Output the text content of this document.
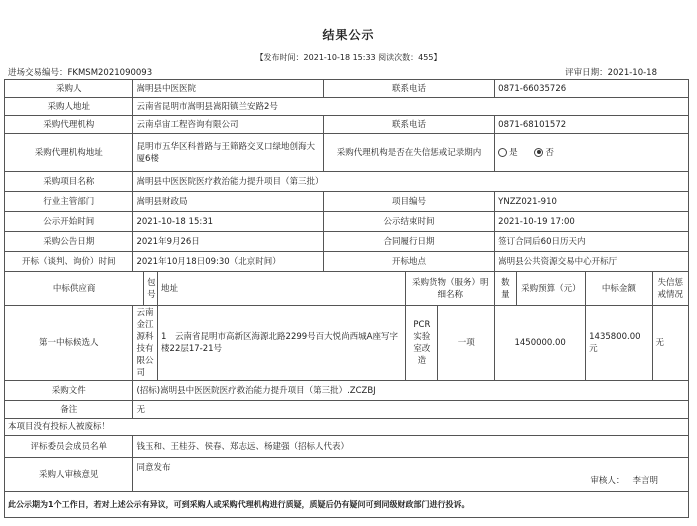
结果公示
【发布时间：2021-10-18 15:33 阅读次数：455】
进场交易编号：FKMSM2021090093	评审日期：2021-10-18
采购人	嵩明县中医医院			联系电话			0871-66035726			
采购人地址	云南省昆明市嵩明县嵩阳镇兰安路2号									
采购代理机构	云南卓宙工程咨询有限公司			联系电话			0871-68101572			
采购代理机构地址	昆明市五华区科普路与王筛路交叉口绿地创海大厦6楼			采购代理机构是否在失信惩戒记录期内			是 否			
采购项目名称	嵩明县中医医院医疗救治能力提升项目（第三批）									
行业主管部门	嵩明县财政局			项目编号			YNZZ021-910			
公示开始时间	2021-10-18 15:31			公示结束时间			2021-10-19 17:00			
采购公告日期	2021年9月26日			合同履行日期			签订合同后60日历天内			
开标（谈判、询价）时间	2021年10月18日09:30（北京时间）			开标地点			嵩明县公共资源交易中心开标厅			
中标供应商		包号	地址		采购货物（服务）明细名称		数量	采购预算（元）	中标金额	失信惩戒情况
第一中标候选人	云南金江源科技有限公司		1 云南省昆明市高新区海源北路2299号百大悦尚西城A座写字楼22层17-21号		PCR实验室改造	一项	1450000.00		1435800.00元	无
采购文件	(招标)嵩明县中医医院医疗救治能力提升项目（第三批）.ZCZBJ									
备注	无									
本项目没有投标人被废标！										
评标委员会成员名单	钱玉和、王桂芬、侯春、郑志远、杨建强（招标人代表）									
采购人审核意见	同意发布
审核人：   李言明									

此公示期为1个工作日，若对上述公示有异议，可到采购人或采购代理机构进行质疑，质疑后仍有疑问可到同级财政部门进行投诉。										
